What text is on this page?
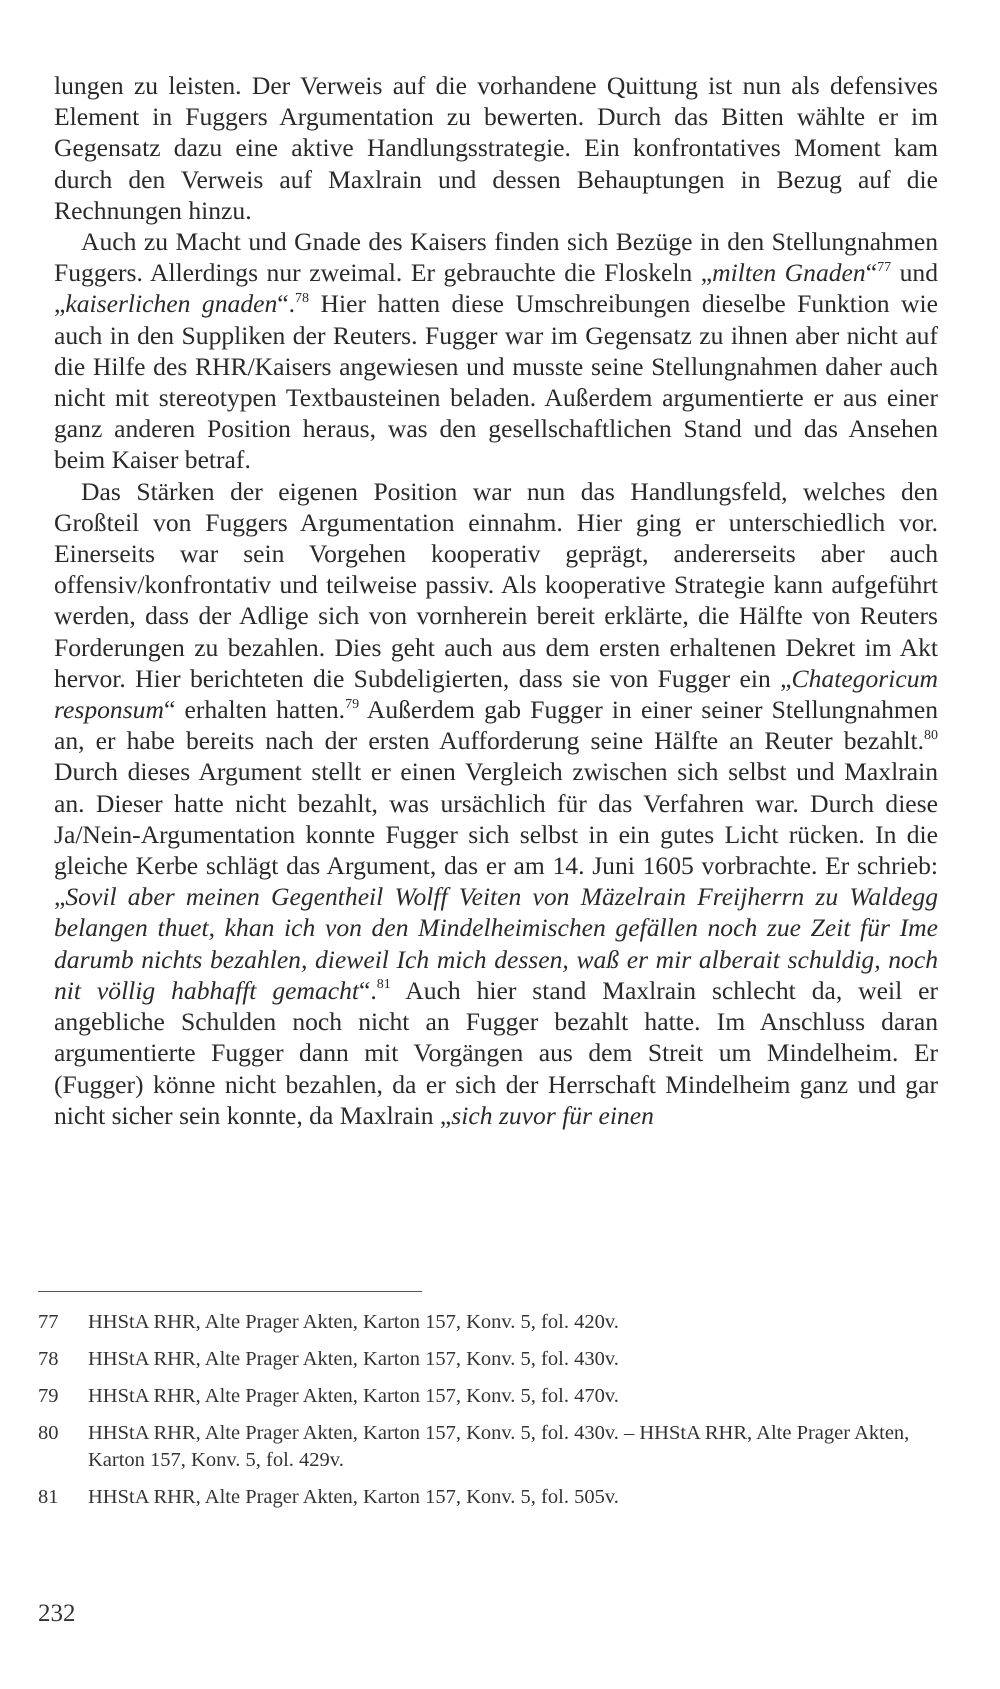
lungen zu leisten. Der Verweis auf die vorhandene Quittung ist nun als defensives Element in Fuggers Argumentation zu bewerten. Durch das Bitten wählte er im Gegensatz dazu eine aktive Handlungsstrategie. Ein konfrontatives Moment kam durch den Verweis auf Maxlrain und dessen Behauptungen in Bezug auf die Rechnungen hinzu.

Auch zu Macht und Gnade des Kaisers finden sich Bezüge in den Stellungnahmen Fuggers. Allerdings nur zweimal. Er gebrauchte die Floskeln „milten Gnaden“$^{77}$ und „kaiserlichen gnaden“.$^{78}$ Hier hatten diese Umschreibungen dieselbe Funktion wie auch in den Suppliken der Reuters. Fugger war im Gegensatz zu ihnen aber nicht auf die Hilfe des RHR/Kaisers angewiesen und musste seine Stellungnahmen daher auch nicht mit stereotypen Textbausteinen beladen. Außerdem argumentierte er aus einer ganz anderen Position heraus, was den gesellschaftlichen Stand und das Ansehen beim Kaiser betraf.

Das Stärken der eigenen Position war nun das Handlungsfeld, welches den Großteil von Fuggers Argumentation einnahm. Hier ging er unterschiedlich vor. Einerseits war sein Vorgehen kooperativ geprägt, andererseits aber auch offensiv/konfrontativ und teilweise passiv. Als kooperative Strategie kann aufgeführt werden, dass der Adlige sich von vornherein bereit erklärte, die Hälfte von Reuters Forderungen zu bezahlen. Dies geht auch aus dem ersten erhaltenen Dekret im Akt hervor. Hier berichteten die Subdeligierten, dass sie von Fugger ein „Chategoricum responsum“ erhalten hatten.$^{79}$ Außerdem gab Fugger in einer seiner Stellungnahmen an, er habe bereits nach der ersten Aufforderung seine Hälfte an Reuter bezahlt.$^{80}$ Durch dieses Argument stellt er einen Vergleich zwischen sich selbst und Maxlrain an. Dieser hatte nicht bezahlt, was ursächlich für das Verfahren war. Durch diese Ja/Nein-Argumentation konnte Fugger sich selbst in ein gutes Licht rücken. In die gleiche Kerbe schlägt das Argument, das er am 14. Juni 1605 vorbrachte. Er schrieb: „Sovil aber meinen Gegentheil Wolff Veiten von Mäzelrain Freijherrn zu Waldegg belangen thuet, khan ich von den Mindelheimischen gefällen noch zue Zeit für Ime darumb nichts bezahlen, dieweil Ich mich dessen, waß er mir alberait schuldig, noch nit völlig habhafft gemacht“.$^{81}$ Auch hier stand Maxlrain schlecht da, weil er angebliche Schulden noch nicht an Fugger bezahlt hatte. Im Anschluss daran argumentierte Fugger dann mit Vorgängen aus dem Streit um Mindelheim. Er (Fugger) könne nicht bezahlen, da er sich der Herrschaft Mindelheim ganz und gar nicht sicher sein konnte, da Maxlrain „sich zuvor für einen

77	HHStA RHR, Alte Prager Akten, Karton 157, Konv. 5, fol. 420v.
78	HHStA RHR, Alte Prager Akten, Karton 157, Konv. 5, fol. 430v.
79	HHStA RHR, Alte Prager Akten, Karton 157, Konv. 5, fol. 470v.
80	HHStA RHR, Alte Prager Akten, Karton 157, Konv. 5, fol. 430v. – HHStA RHR, Alte Prager Akten, Karton 157, Konv. 5, fol. 429v.
81	HHStA RHR, Alte Prager Akten, Karton 157, Konv. 5, fol. 505v.
232
